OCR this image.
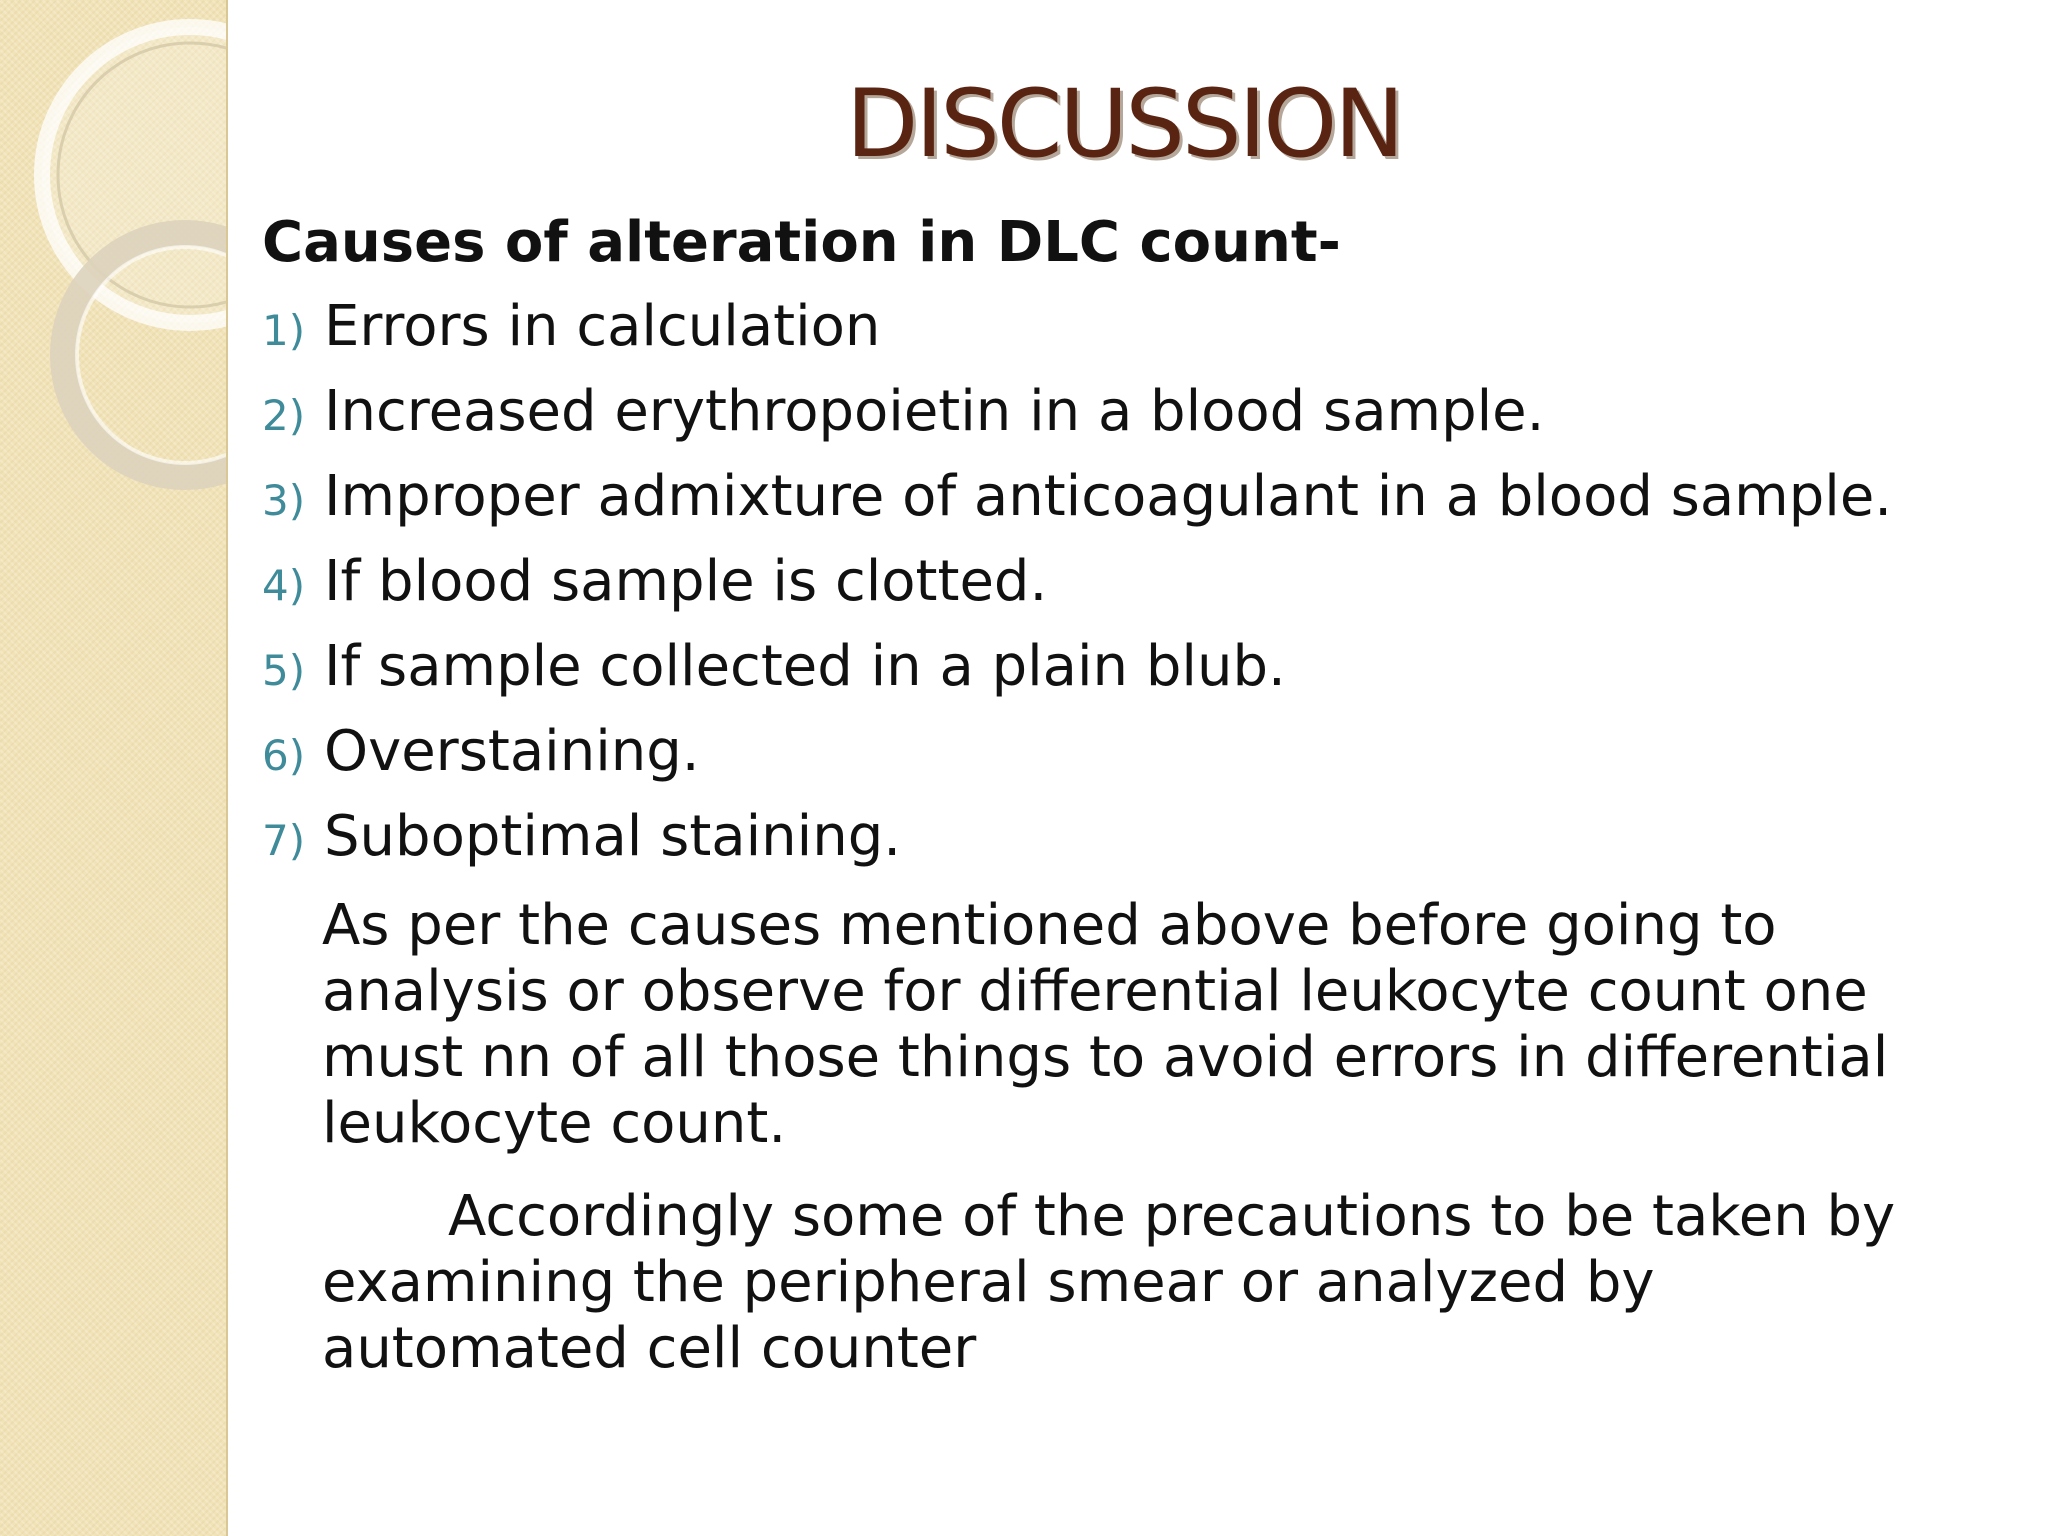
DISCUSSION
Causes of alteration in DLC count-
1) Errors in calculation
2) Increased erythropoietin in a blood sample.
3) Improper admixture of anticoagulant in a blood sample.
4) If blood sample is clotted.
5) If sample collected in a plain blub.
6) Overstaining.
7) Suboptimal staining.
As per the causes mentioned above before going to
analysis or observe for differential leukocyte count one
must nn of all those things to avoid errors in differential
leukocyte count.
Accordingly some of the precautions to be taken by
examining the peripheral smear or analyzed by
automated cell counter
